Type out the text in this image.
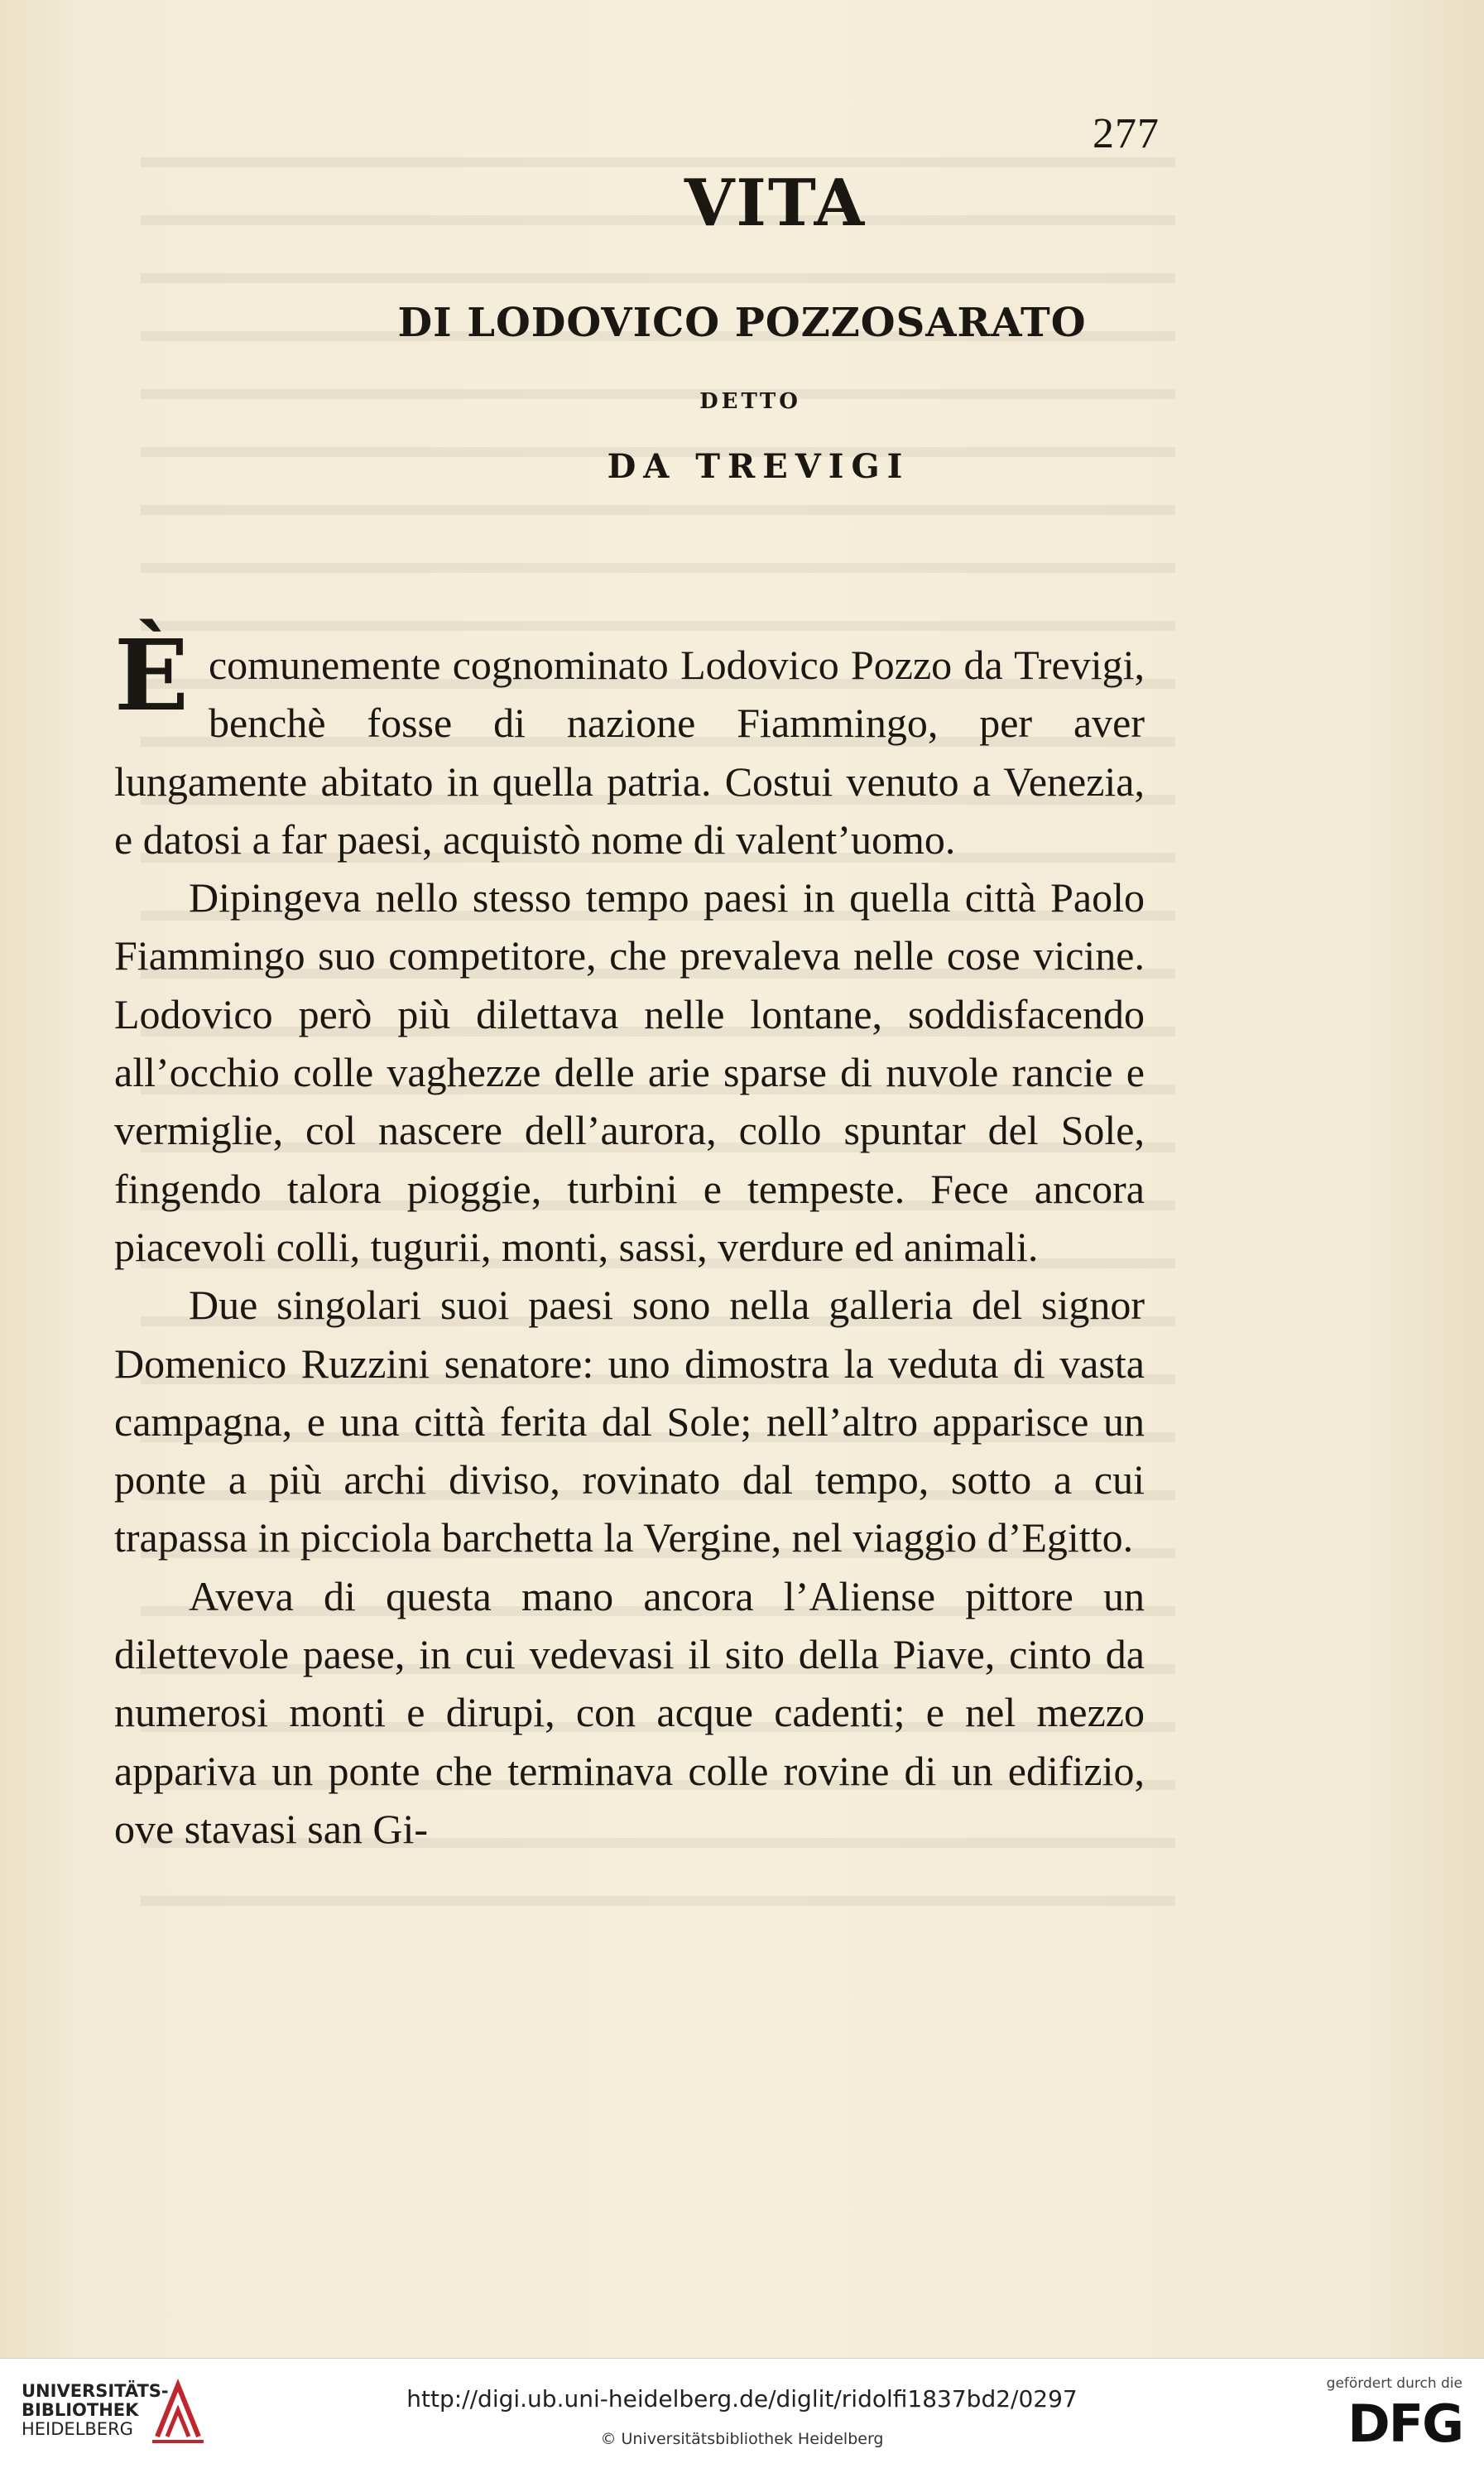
277
VITA
DI LODOVICO POZZOSARATO
DETTO
DA TREVIGI

Ècomunemente cognominato Lodovico Pozzo da Trevigi, benchè fosse di nazione Fiammingo, per aver lungamente abitato in quella patria. Costui venuto a Venezia, e datosi a far paesi, acquistò nome di valent’uomo.

Dipingeva nello stesso tempo paesi in quella città Paolo Fiammingo suo competitore, che prevaleva nelle cose vicine. Lodovico però più dilettava nelle lontane, soddisfacendo all’occhio colle vaghezze delle arie sparse di nuvole rancie e vermiglie, col nascere dell’aurora, collo spuntar del Sole, fingendo talora pioggie, turbini e tempeste. Fece ancora piacevoli colli, tugurii, monti, sassi, verdure ed animali.

Due singolari suoi paesi sono nella galleria del signor Domenico Ruzzini senatore: uno dimostra la veduta di vasta campagna, e una città ferita dal Sole; nell’altro apparisce un ponte a più archi diviso, rovinato dal tempo, sotto a cui trapassa in picciola barchetta la Vergine, nel viaggio d’Egitto.

Aveva di questa mano ancora l’Aliense pittore un dilettevole paese, in cui vedevasi il sito della Piave, cinto da numerosi monti e dirupi, con acque cadenti; e nel mezzo appariva un ponte che terminava colle rovine di un edifizio, ove stavasi san Gi-

UNIVERSITÄTS-
BIBLIOTHEK
HEIDELBERG
http://digi.ub.uni-heidelberg.de/diglit/ridolfi1837bd2/0297
© Universitätsbibliothek Heidelberg
gefördert durch die
DFG
